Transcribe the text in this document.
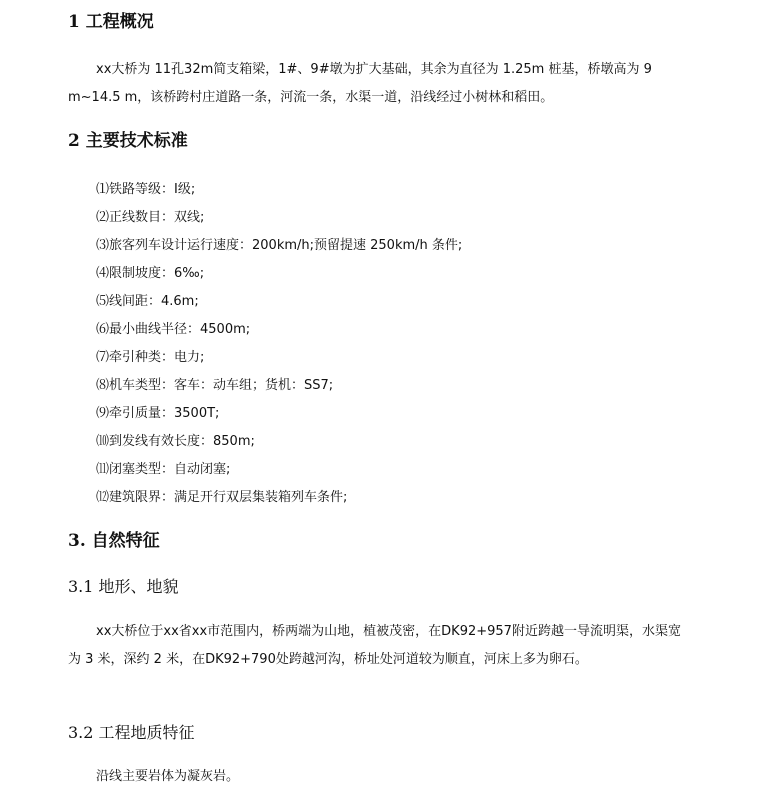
1 工程概况

xx大桥为 11孔32m简支箱梁，1#、9#墩为扩大基础，其余为直径为 1.25m 桩基，桥墩高为 9 m~14.5 m，该桥跨村庄道路一条，河流一条，水渠一道，沿线经过小树林和稻田。

2 主要技术标准
⑴铁路等级：Ⅰ级;
⑵正线数目：双线;
⑶旅客列车设计运行速度：200km/h;预留提速 250km/h 条件;
⑷限制坡度：6‰;
⑸线间距：4.6m;
⑹最小曲线半径：4500m;
⑺牵引种类：电力;
⑻机车类型：客车：动车组；货机：SS7;
⑼牵引质量：3500T;
⑽到发线有效长度：850m;
⑾闭塞类型：自动闭塞;
⑿建筑限界：满足开行双层集装箱列车条件;
3. 自然特征
3.1 地形、地貌

xx大桥位于xx省xx市范围内，桥两端为山地，植被茂密，在DK92+957附近跨越一导流明渠，水渠宽为 3 米，深约 2 米，在DK92+790处跨越河沟，桥址处河道较为顺直，河床上多为卵石。

3.2 工程地质特征

沿线主要岩体为凝灰岩。
